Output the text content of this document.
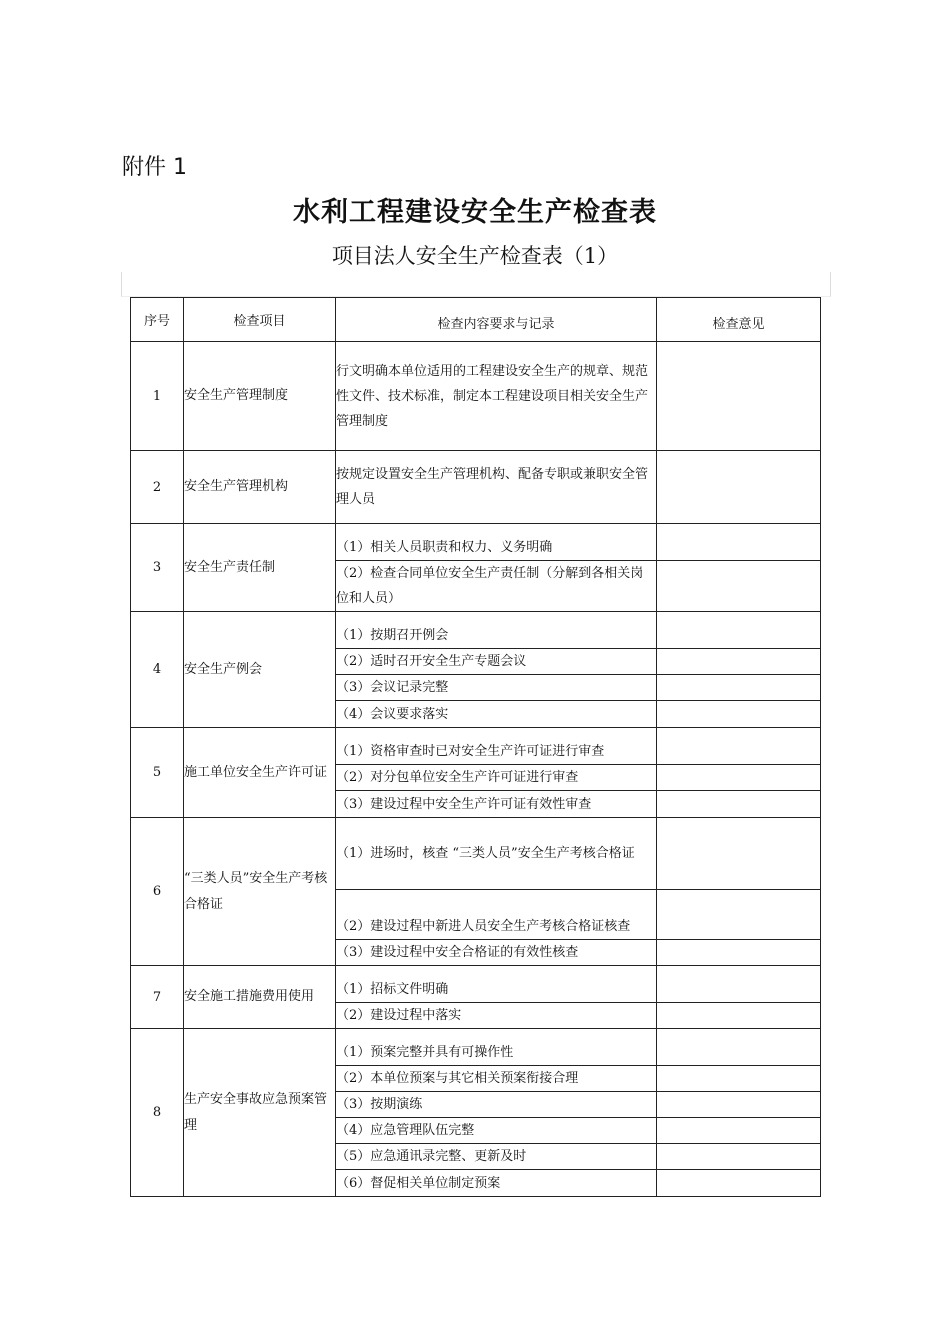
附件 1
水利工程建设安全生产检查表
项目法人安全生产检查表（1）
序号	检查项目	检查内容要求与记录	检查意见
1	安全生产管理制度	行文明确本单位适用的工程建设安全生产的规章、规范性文件、技术标准，制定本工程建设项目相关安全生产管理制度	
2	安全生产管理机构	按规定设置安全生产管理机构、配备专职或兼职安全管理人员	
3	安全生产责任制	（1）相关人员职责和权力、义务明确	
		（2）检查合同单位安全生产责任制（分解到各相关岗位和人员）	
4	安全生产例会	（1）按期召开例会	
		（2）适时召开安全生产专题会议	
		（3）会议记录完整	
		（4）会议要求落实	
5	施工单位安全生产许可证	（1）资格审查时已对安全生产许可证进行审查	
		（2）对分包单位安全生产许可证进行审查	
		（3）建设过程中安全生产许可证有效性审查	
6	“三类人员”安全生产考核合格证	（1）进场时，核查 “三类人员”安全生产考核合格证	
		（2）建设过程中新进人员安全生产考核合格证核查	
		（3）建设过程中安全合格证的有效性核查	
7	安全施工措施费用使用	（1）招标文件明确	
		（2）建设过程中落实	
8	生产安全事故应急预案管理	（1）预案完整并具有可操作性	
		（2）本单位预案与其它相关预案衔接合理	
		（3）按期演练	
		（4）应急管理队伍完整	
		（5）应急通讯录完整、更新及时	
		（6）督促相关单位制定预案	
